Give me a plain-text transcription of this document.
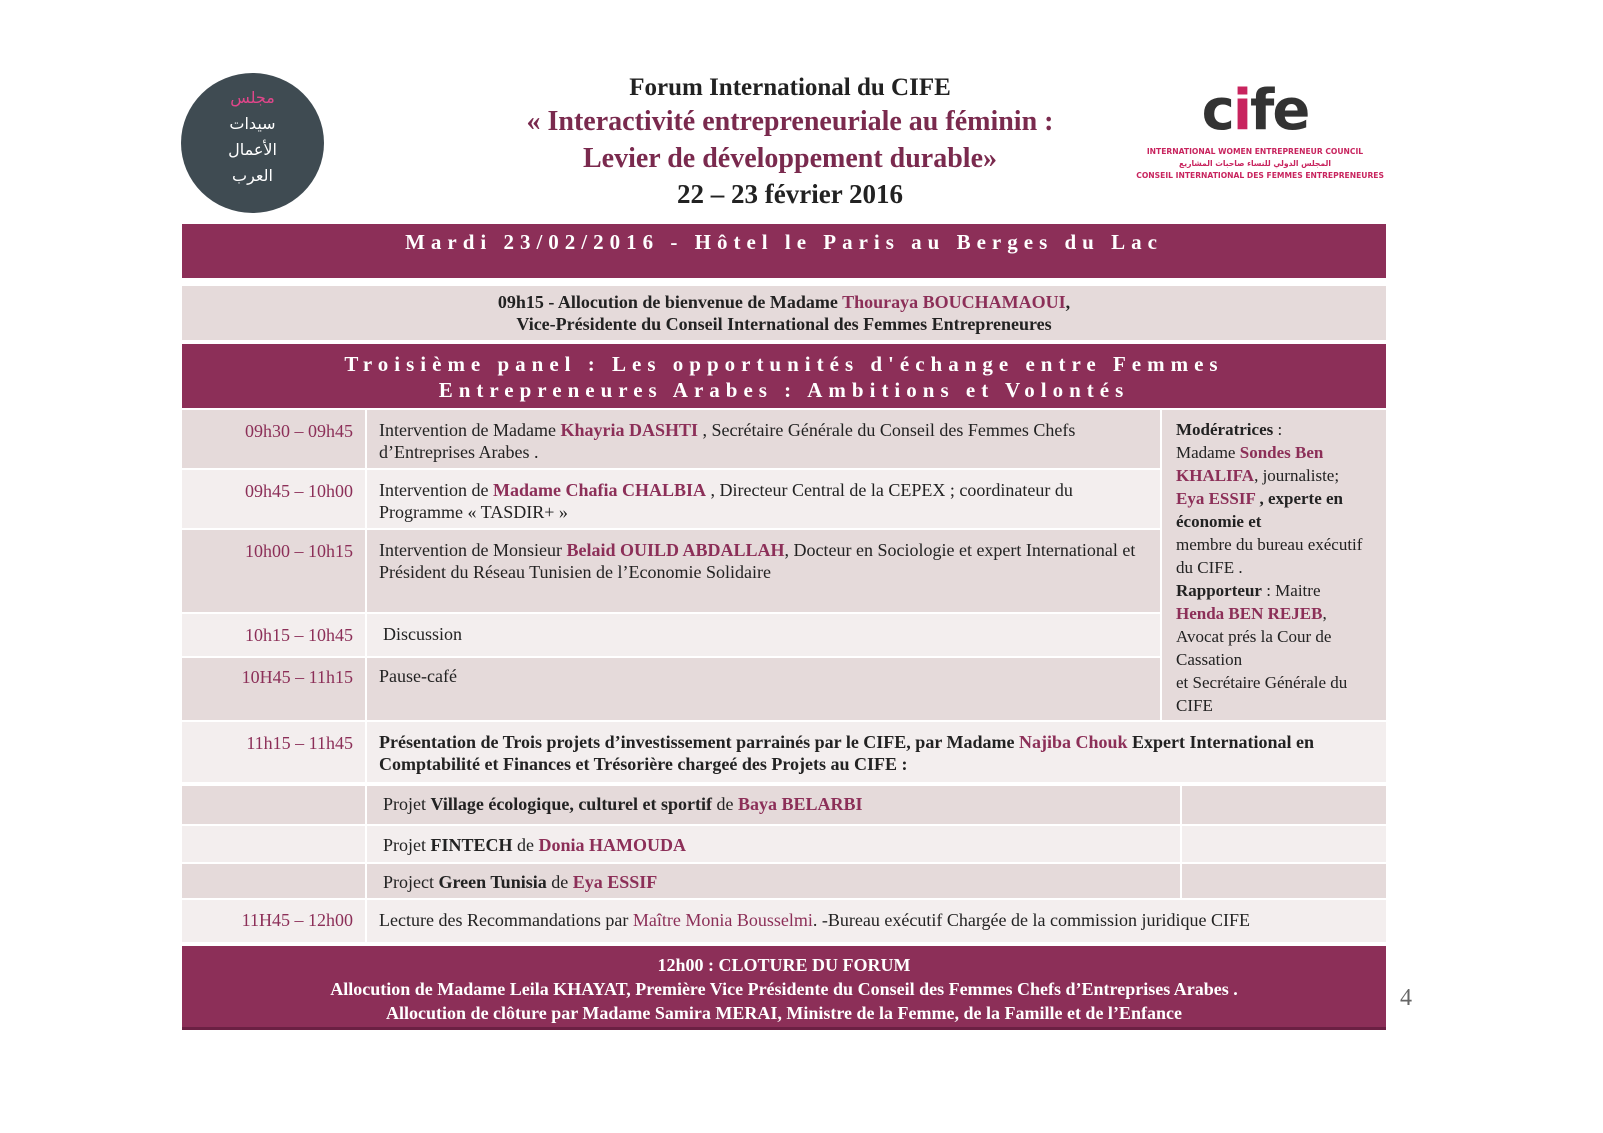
مجلس
سيدات
الأعمال
العرب
Forum International du CIFE
« Interactivité entrepreneuriale au féminin :
Levier de développement durable»
22 – 23 février 2016
cife
INTERNATIONAL WOMEN ENTREPRENEUR COUNCIL
المجلس الدولي للنساء صاحبات المشاريع
CONSEIL INTERNATIONAL DES FEMMES ENTREPRENEURES
Mardi 23/02/2016 - Hôtel le Paris au Berges du Lac
09h15 - Allocution de bienvenue de Madame Thouraya BOUCHAMAOUI,
Vice-Présidente du Conseil International des Femmes Entrepreneures
Troisième panel : Les opportunités d'échange entre Femmes
Entrepreneures Arabes : Ambitions et Volontés
09h30 – 09h45	Intervention de Madame Khayria DASHTI , Secrétaire Générale du Conseil des Femmes Chefs d’Entreprises Arabes .
09h45 – 10h00	Intervention de Madame Chafia CHALBIA , Directeur Central de la CEPEX ; coordinateur du Programme « TASDIR+ »
10h00 – 10h15	Intervention de Monsieur Belaid OUILD ABDALLAH, Docteur en Sociologie et expert International et Président du Réseau Tunisien de l’Economie Solidaire
10h15 – 10h45	Discussion
10H45 – 11h15	Pause-café
Modératrices :
Madame Sondes Ben KHALIFA, journaliste;
Eya ESSIF , experte en économie et
membre du bureau exécutif du CIFE .
Rapporteur : Maitre
Henda BEN REJEB,
Avocat prés la Cour de Cassation
et Secrétaire Générale du CIFE
11h15 – 11h45	Présentation de Trois projets d’investissement parrainés par le CIFE, par Madame Najiba Chouk Expert International en Comptabilité et Finances et Trésorière chargeé des Projets au CIFE :
Projet Village écologique, culturel et sportif de Baya BELARBI
Projet FINTECH de Donia HAMOUDA
Project Green Tunisia de Eya ESSIF
11H45 – 12h00	Lecture des Recommandations par Maître Monia Bousselmi. -Bureau exécutif Chargée de la commission juridique CIFE
12h00 : CLOTURE DU FORUM
Allocution de Madame Leila KHAYAT, Première Vice Présidente du Conseil des Femmes Chefs d’Entreprises Arabes .
Allocution de clôture par Madame Samira MERAI, Ministre de la Femme, de la Famille et de l’Enfance
4
